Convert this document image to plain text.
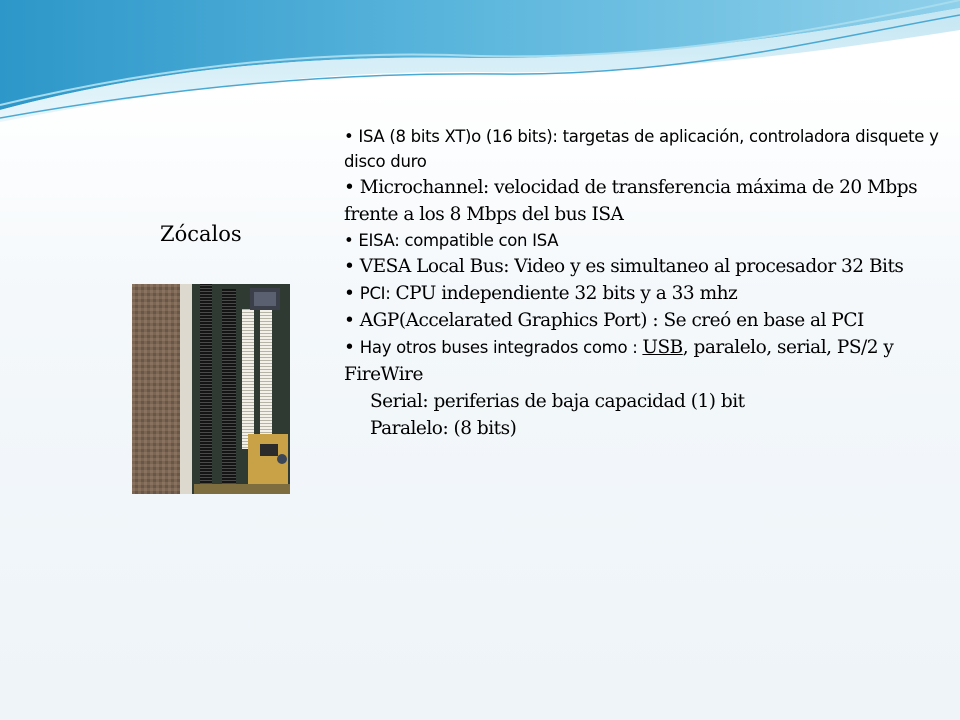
Zócalos

• ISA (8 bits XT)o (16 bits): targetas de aplicación, controladora disquete y disco duro

• Microchannel: velocidad de transferencia máxima de 20 Mbps frente a los 8 Mbps del bus ISA

• EISA: compatible con ISA

• VESA Local Bus: Video y es simultaneo al procesador 32 Bits

• PCI: CPU independiente 32 bits y a 33 mhz

• AGP(Accelarated Graphics Port) : Se creó en base al PCI

• Hay otros buses integrados como : USB, paralelo, serial, PS/2 y FireWire

Serial: periferias de baja capacidad (1) bit

Paralelo: (8 bits)
